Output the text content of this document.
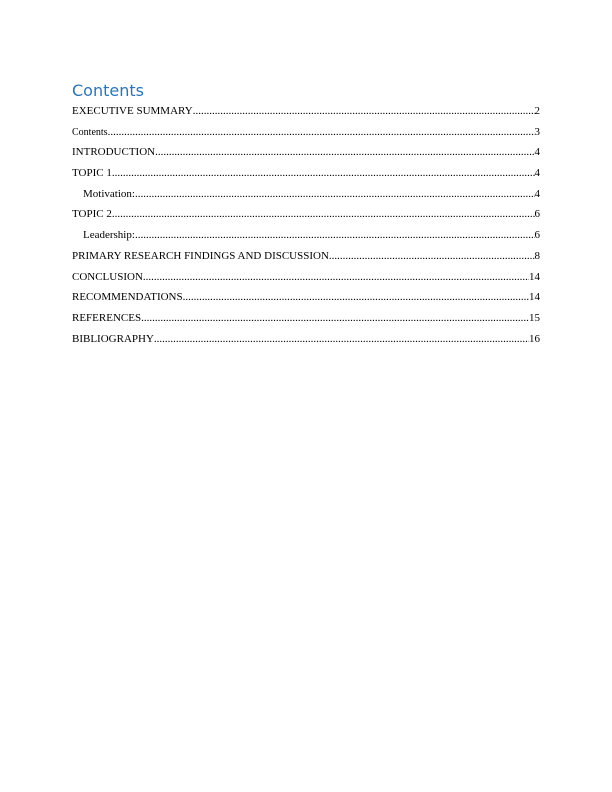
Contents
EXECUTIVE SUMMARY .....	2
Contents .....	3
INTRODUCTION .....	4
TOPIC 1 .....	4
Motivation: .....	4
TOPIC 2 .....	6
Leadership: .....	6
PRIMARY RESEARCH FINDINGS AND DISCUSSION .....	8
CONCLUSION .....	14
RECOMMENDATIONS .....	14
REFERENCES .....	15
BIBLIOGRAPHY .....	16
